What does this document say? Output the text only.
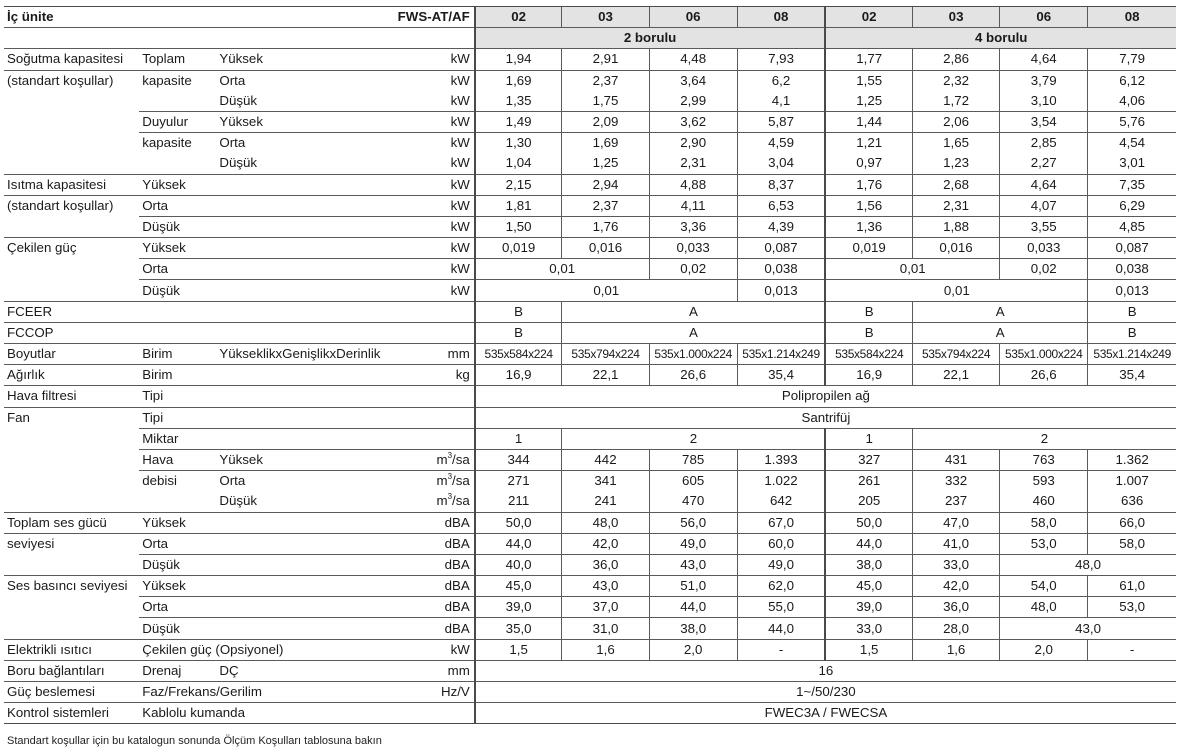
İç ünite		FWS-AT/AF		02	03	06	08	02	03	06	08
				2 borulu				4 borulu			
Soğutma kapasitesi	Toplam	Yüksek	kW	1,94	2,91	4,48	7,93	1,77	2,86	4,64	7,79
(standart koşullar)	kapasite	Orta	kW	1,69	2,37	3,64	6,2	1,55	2,32	3,79	6,12
		Düşük	kW	1,35	1,75	2,99	4,1	1,25	1,72	3,10	4,06
	Duyulur	Yüksek	kW	1,49	2,09	3,62	5,87	1,44	2,06	3,54	5,76
	kapasite	Orta	kW	1,30	1,69	2,90	4,59	1,21	1,65	2,85	4,54
		Düşük	kW	1,04	1,25	2,31	3,04	0,97	1,23	2,27	3,01
Isıtma kapasitesi	Yüksek		kW	2,15	2,94	4,88	8,37	1,76	2,68	4,64	7,35
(standart koşullar)	Orta		kW	1,81	2,37	4,11	6,53	1,56	2,31	4,07	6,29
	Düşük		kW	1,50	1,76	3,36	4,39	1,36	1,88	3,55	4,85
Çekilen güç	Yüksek		kW	0,019	0,016	0,033	0,087	0,019	0,016	0,033	0,087
	Orta		kW	0,01		0,02	0,038	0,01		0,02	0,038
	Düşük		kW	0,01			0,013	0,01			0,013
FCEER				B	A			B	A		B
FCCOP				B	A			B	A		B
Boyutlar	Birim	YükseklikxGenişlikxDerinlik	mm	535x584x224	535x794x224	535x1.000x224	535x1.214x249	535x584x224	535x794x224	535x1.000x224	535x1.214x249
Ağırlık	Birim		kg	16,9	22,1	26,6	35,4	16,9	22,1	26,6	35,4
Hava filtresi	Tipi			Polipropilen ağ							
Fan	Tipi			Santrifüj							
	Miktar			1	2			1	2		
	Hava	Yüksek	$m^3/sa$	344	442	785	1.393	327	431	763	1.362
	debisi	Orta	$m^3/sa$	271	341	605	1.022	261	332	593	1.007
		Düşük	$m^3/sa$	211	241	470	642	205	237	460	636
Toplam ses gücü	Yüksek		dBA	50,0	48,0	56,0	67,0	50,0	47,0	58,0	66,0
seviyesi	Orta		dBA	44,0	42,0	49,0	60,0	44,0	41,0	53,0	58,0
	Düşük		dBA	40,0	36,0	43,0	49,0	38,0	33,0	48,0	
Ses basıncı seviyesi	Yüksek		dBA	45,0	43,0	51,0	62,0	45,0	42,0	54,0	61,0
	Orta		dBA	39,0	37,0	44,0	55,0	39,0	36,0	48,0	53,0
	Düşük		dBA	35,0	31,0	38,0	44,0	33,0	28,0	43,0	
Elektrikli ısıtıcı	Çekilen güç (Opsiyonel)		kW	1,5	1,6	2,0	-	1,5	1,6	2,0	-
Boru bağlantıları	Drenaj	DÇ	mm	16							
Güç beslemesi	Faz/Frekans/Gerilim		Hz/V	1~/50/230							
Kontrol sistemleri	Kablolu kumanda			FWEC3A / FWECSA							
Standart koşullar için bu katalogun sonunda Ölçüm Koşulları tablosuna bakın
